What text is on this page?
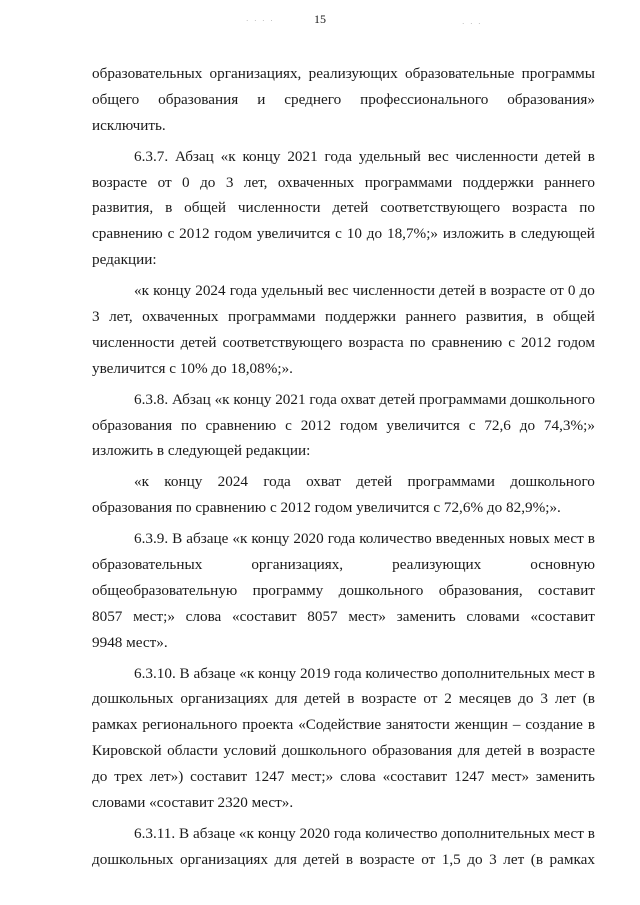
· · · ·	· · ·
15
образовательных организациях, реализующих образовательные программы
общего образования и среднего профессионального образования»
исключить.
6.3.7. Абзац «к концу 2021 года удельный вес численности детей в
возрасте от 0 до 3 лет, охваченных программами поддержки раннего
развития, в общей численности детей соответствующего возраста по
сравнению с 2012 годом увеличится с 10 до 18,7%;» изложить в следующей
редакции:
«к концу 2024 года удельный вес численности детей в возрасте от 0 до
3 лет, охваченных программами поддержки раннего развития, в общей
численности детей соответствующего возраста по сравнению с 2012 годом
увеличится с 10% до 18,08%;».
6.3.8. Абзац «к концу 2021 года охват детей программами дошкольного
образования по сравнению с 2012 годом увеличится с 72,6 до 74,3%;»
изложить в следующей редакции:
«к концу 2024 года охват детей программами дошкольного
образования по сравнению с 2012 годом увеличится с 72,6% до 82,9%;».
6.3.9. В абзаце «к концу 2020 года количество введенных новых мест в
образовательных	организациях,	реализующих	основную
общеобразовательную программу дошкольного образования, составит
8057 мест;» слова «составит 8057 мест» заменить словами «составит
9948 мест».
6.3.10. В абзаце «к концу 2019 года количество дополнительных мест в
дошкольных организациях для детей в возрасте от 2 месяцев до 3 лет (в
рамках регионального проекта «Содействие занятости женщин – создание в
Кировской области условий дошкольного образования для детей в возрасте
до трех лет») составит 1247 мест;» слова «составит 1247 мест» заменить
словами «составит 2320 мест».
6.3.11. В абзаце «к концу 2020 года количество дополнительных мест в
дошкольных организациях для детей в возрасте от 1,5 до 3 лет (в рамках
